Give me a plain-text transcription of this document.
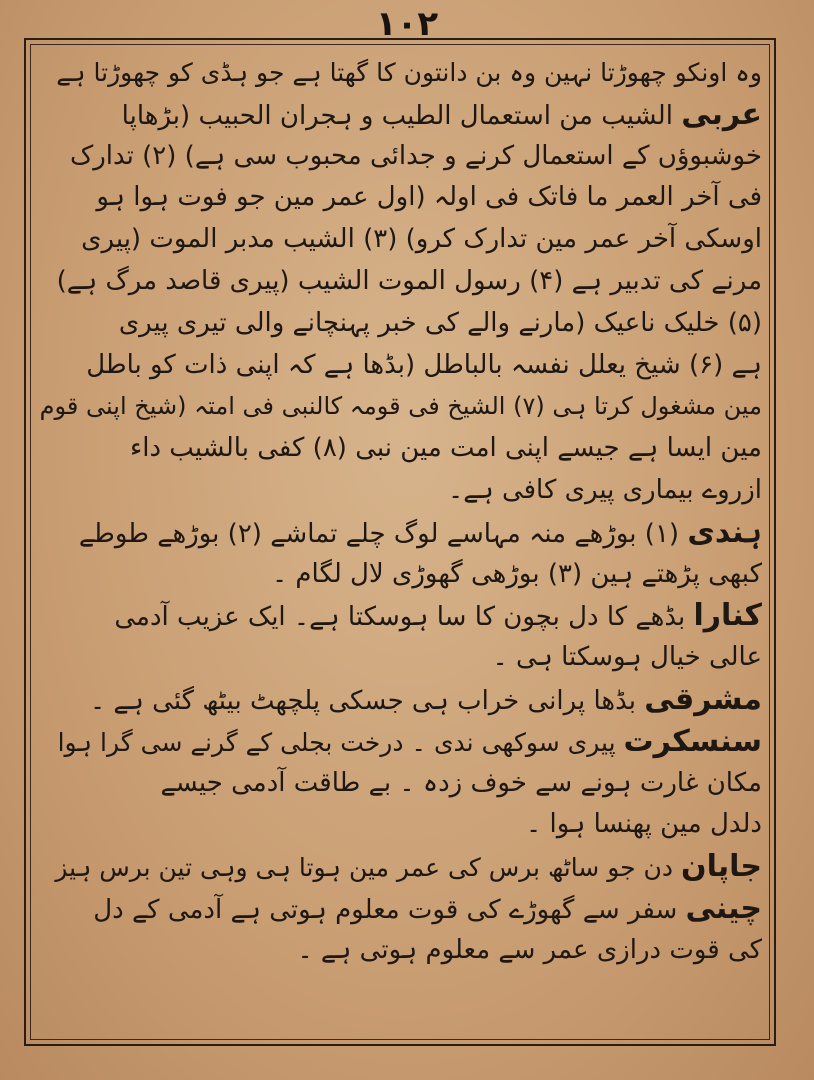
۱۰۲
وہ اونکو چھوڑتا نہین وہ بن دانتون کا گھتا ہے جو ہڈی کو چھوڑتا ہے
عربی الشیب من استعمال الطیب و ہجران الحبیب (بڑھاپا
خوشبوؤں کے استعمال کرنے و جدائی محبوب سی ہے) (۲) تدارک
فی آخر العمر ما فاتک فی اولہ (اول عمر مین جو فوت ہوا ہو
اوسکی آخر عمر مین تدارک کرو) (۳) الشیب مدبر الموت (پیری
مرنے کی تدبیر ہے (۴) رسول الموت الشیب (پیری قاصد مرگ ہے)
(۵) خلیک ناعیک (مارنے والے کی خبر پہنچانے والی تیری پیری
ہے (۶) شیخ یعلل نفسہ بالباطل (بڈھا ہے کہ اپنی ذات کو باطل
مین مشغول کرتا ہی (۷) الشیخ فی قومہ کالنبی فی امتہ (شیخ اپنی قوم
مین ایسا ہے جیسے اپنی امت مین نبی (۸) کفی بالشیب داء
ازروے بیماری پیری کافی ہے۔
ہندی (۱) بوڑھے منہ مہاسے لوگ چلے تماشے (۲) بوڑھے طوطے
کبھی پڑھتے ہین (۳) بوڑھی گھوڑی لال لگام ۔
کنارا بڈھے کا دل بچون کا سا ہوسکتا ہے۔ ایک عزیب آدمی
عالی خیال ہوسکتا ہی ۔
مشرقی بڈھا پرانی خراب ہی جسکی پلچھٹ بیٹھ گئی ہے ۔
سنسکرت پیری سوکھی ندی ۔ درخت بجلی کے گرنے سی گرا ہوا
مکان غارت ہونے سے خوف زدہ ۔ بے طاقت آدمی جیسے
دلدل مین پھنسا ہوا ۔
جاپان دن جو ساٹھ برس کی عمر مین ہوتا ہی وہی تین برس ہیز
چینی سفر سے گھوڑے کی قوت معلوم ہوتی ہے آدمی کے دل
کی قوت درازی عمر سے معلوم ہوتی ہے ۔
